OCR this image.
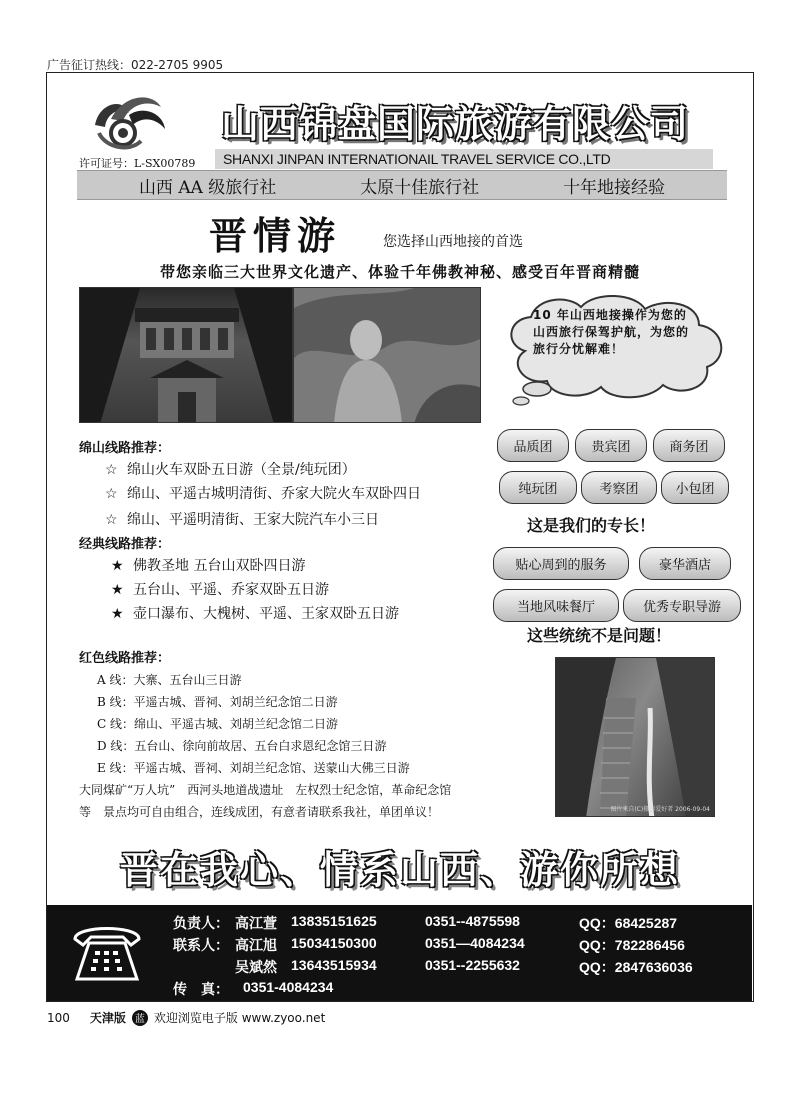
广告征订热线：022-2705 9905
山西锦盘国际旅游有限公司
许可证号：L-SX00789	SHANXI JINPAN INTERNATIONAIL TRAVEL SERVICE CO.,LTD
山西 AA 级旅行社	太原十佳旅行社	十年地接经验
晋情游	您选择山西地接的首选
带您亲临三大世界文化遗产、体验千年佛教神秘、感受百年晋商精髓
10 年山西地接操作为您的山西旅行保驾护航，为您的旅行分忧解难！
品质团	贵宾团	商务团
纯玩团	考察团	小包团
这是我们的专长！
贴心周到的服务	豪华酒店
当地风味餐厅	优秀专职导游
这些统统不是问题！
绵山线路推荐：
☆ 绵山火车双卧五日游（全景/纯玩团）
☆ 绵山、平遥古城明清街、乔家大院火车双卧四日
☆ 绵山、平遥明清街、王家大院汽车小三日
经典线路推荐：
★ 佛教圣地 五台山双卧四日游
★ 五台山、平遥、乔家双卧五日游
★ 壶口瀑布、大槐树、平遥、王家双卧五日游
红色线路推荐：
A 线：大寨、五台山三日游
B 线：平遥古城、晋祠、刘胡兰纪念馆二日游
C 线：绵山、平遥古城、刘胡兰纪念馆二日游
D 线：五台山、徐向前故居、五台白求恩纪念馆三日游
E 线：平遥古城、晋祠、刘胡兰纪念馆、送蒙山大佛三日游
大同煤矿“万人坑”　西河头地道战遗址　左权烈士纪念馆，革命纪念馆
等　景点均可自由组合，连线成团，有意者请联系我社，单团单议！	图片来自(C)摄影爱好者 2006-09-04
晋在我心、情系山西、游你所想
负责人： 高江萱 13835151625	0351--4875598	QQ：68425287
联系人： 高江旭 15034150300	0351—4084234	QQ：782286456
吴斌然 13643515934	0351--2255632	QQ：2847636036
传　真： 0351-4084234
100 天津版 蓝 欢迎浏览电子版 www.zyoo.net
